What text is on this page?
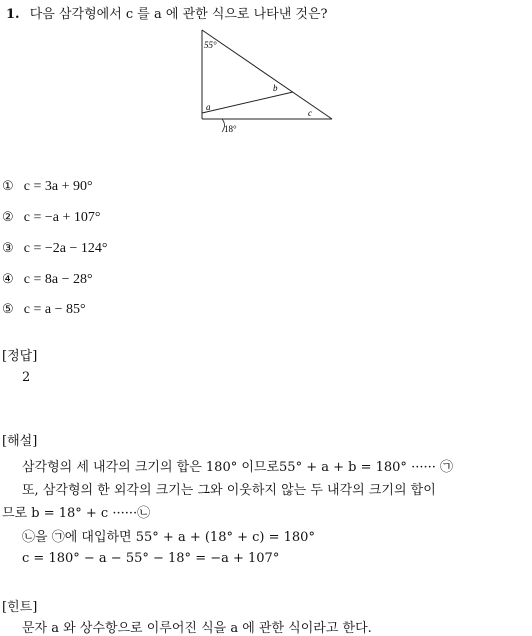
1. 다음 삼각형에서 c 를 a 에 관한 식으로 나타낸 것은?
55°
b
a
c
18°
① c = 3a + 90°
② c = −a + 107°
③ c = −2a − 124°
④ c = 8a − 28°
⑤ c = a − 85°
[정답]
2
[해설]
삼각형의 세 내각의 크기의 합은 180° 이므로55° + a + b = 180° ······ ㉠
또, 삼각형의 한 외각의 크기는 그와 이웃하지 않는 두 내각의 크기의 합이
므로 b = 18° + c ······㉡
㉡을 ㉠에 대입하면 55° + a + (18° + c) = 180°
c = 180° − a − 55° − 18° = −a + 107°
[힌트]
문자 a 와 상수항으로 이루어진 식을 a 에 관한 식이라고 한다.
